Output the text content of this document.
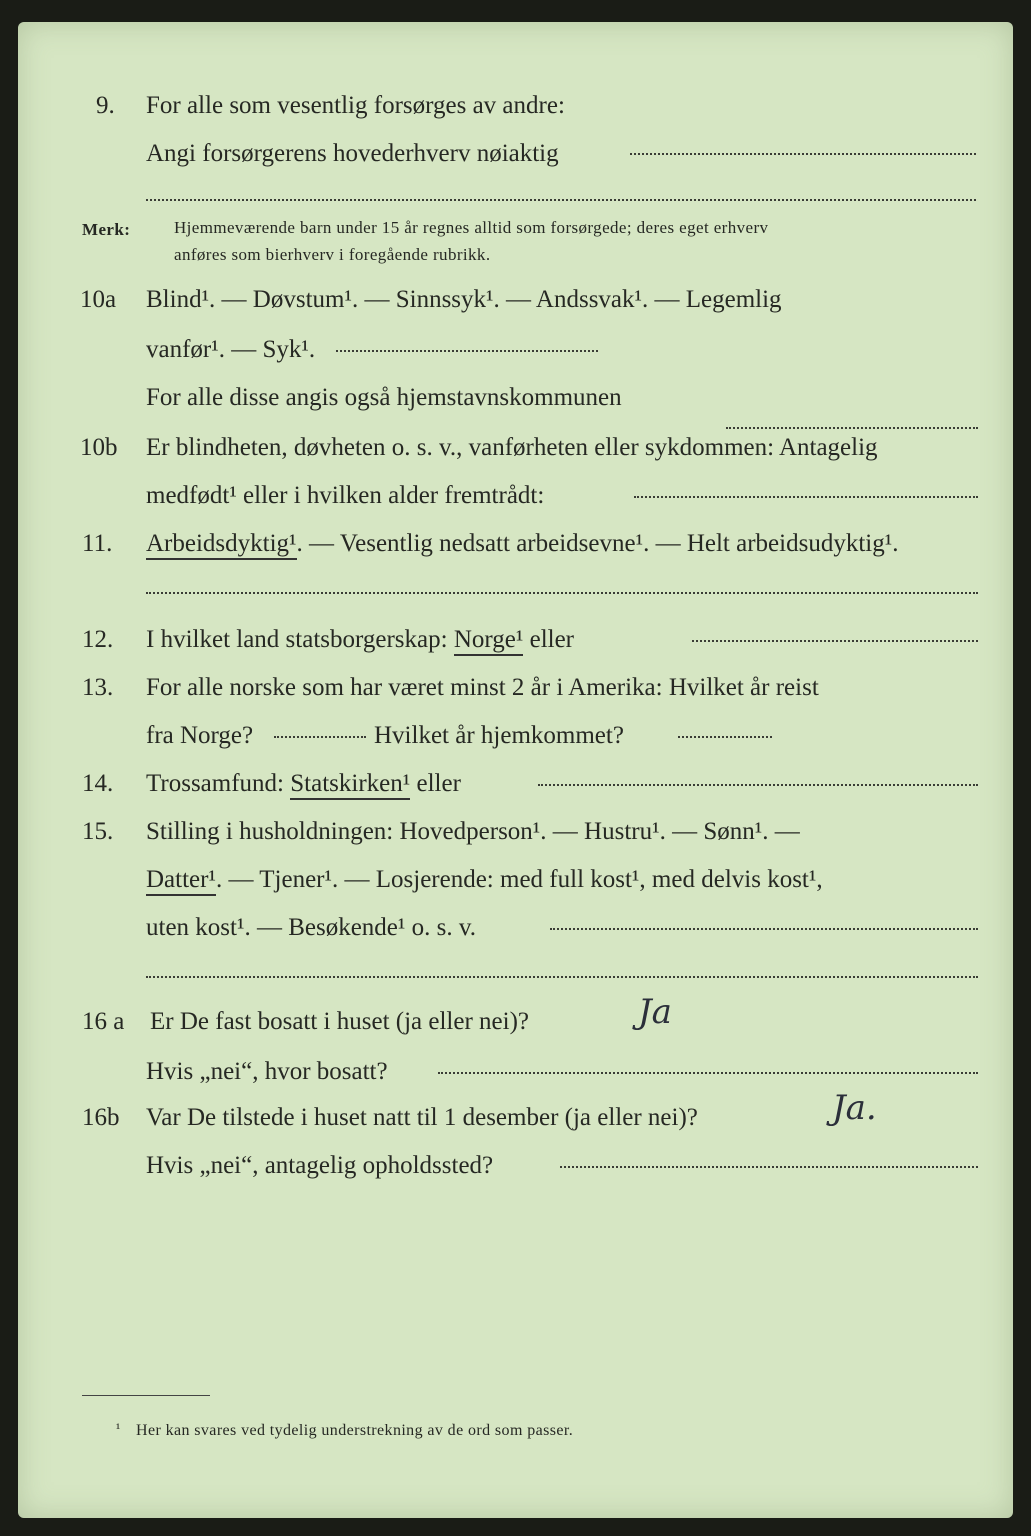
9.	For alle som vesentlig forsørges av andre:
Angi forsørgerens hovederhverv nøiaktig
Merk:	Hjemmeværende barn under 15 år regnes alltid som forsørgede; deres eget erhverv
anføres som bierhverv i foregående rubrikk.
10a	Blind¹. — Døvstum¹. — Sinnssyk¹. — Andssvak¹. — Legemlig
vanfør¹. — Syk¹.
For alle disse angis også hjemstavnskommunen
10b	Er blindheten, døvheten o. s. v., vanførheten eller sykdommen: Antagelig
medfødt¹ eller i hvilken alder fremtrådt:
11.	Arbeidsdyktig¹. — Vesentlig nedsatt arbeidsevne¹. — Helt arbeidsudyktig¹.
12.	I hvilket land statsborgerskap: Norge¹ eller
13.	For alle norske som har været minst 2 år i Amerika: Hvilket år reist
fra Norge?	Hvilket år hjemkommet?
14.	Trossamfund: Statskirken¹ eller
15.	Stilling i husholdningen: Hovedperson¹. — Hustru¹. — Sønn¹. —
Datter¹. — Tjener¹. — Losjerende: med full kost¹, med delvis kost¹,
uten kost¹. — Besøkende¹ o. s. v.
16 a	Er De fast bosatt i huset (ja eller nei)?	Ja
Hvis „nei“, hvor bosatt?
16b	Var De tilstede i huset natt til 1 desember (ja eller nei)?	Ja.
Hvis „nei“, antagelig opholdssted?
¹ Her kan svares ved tydelig understrekning av de ord som passer.
